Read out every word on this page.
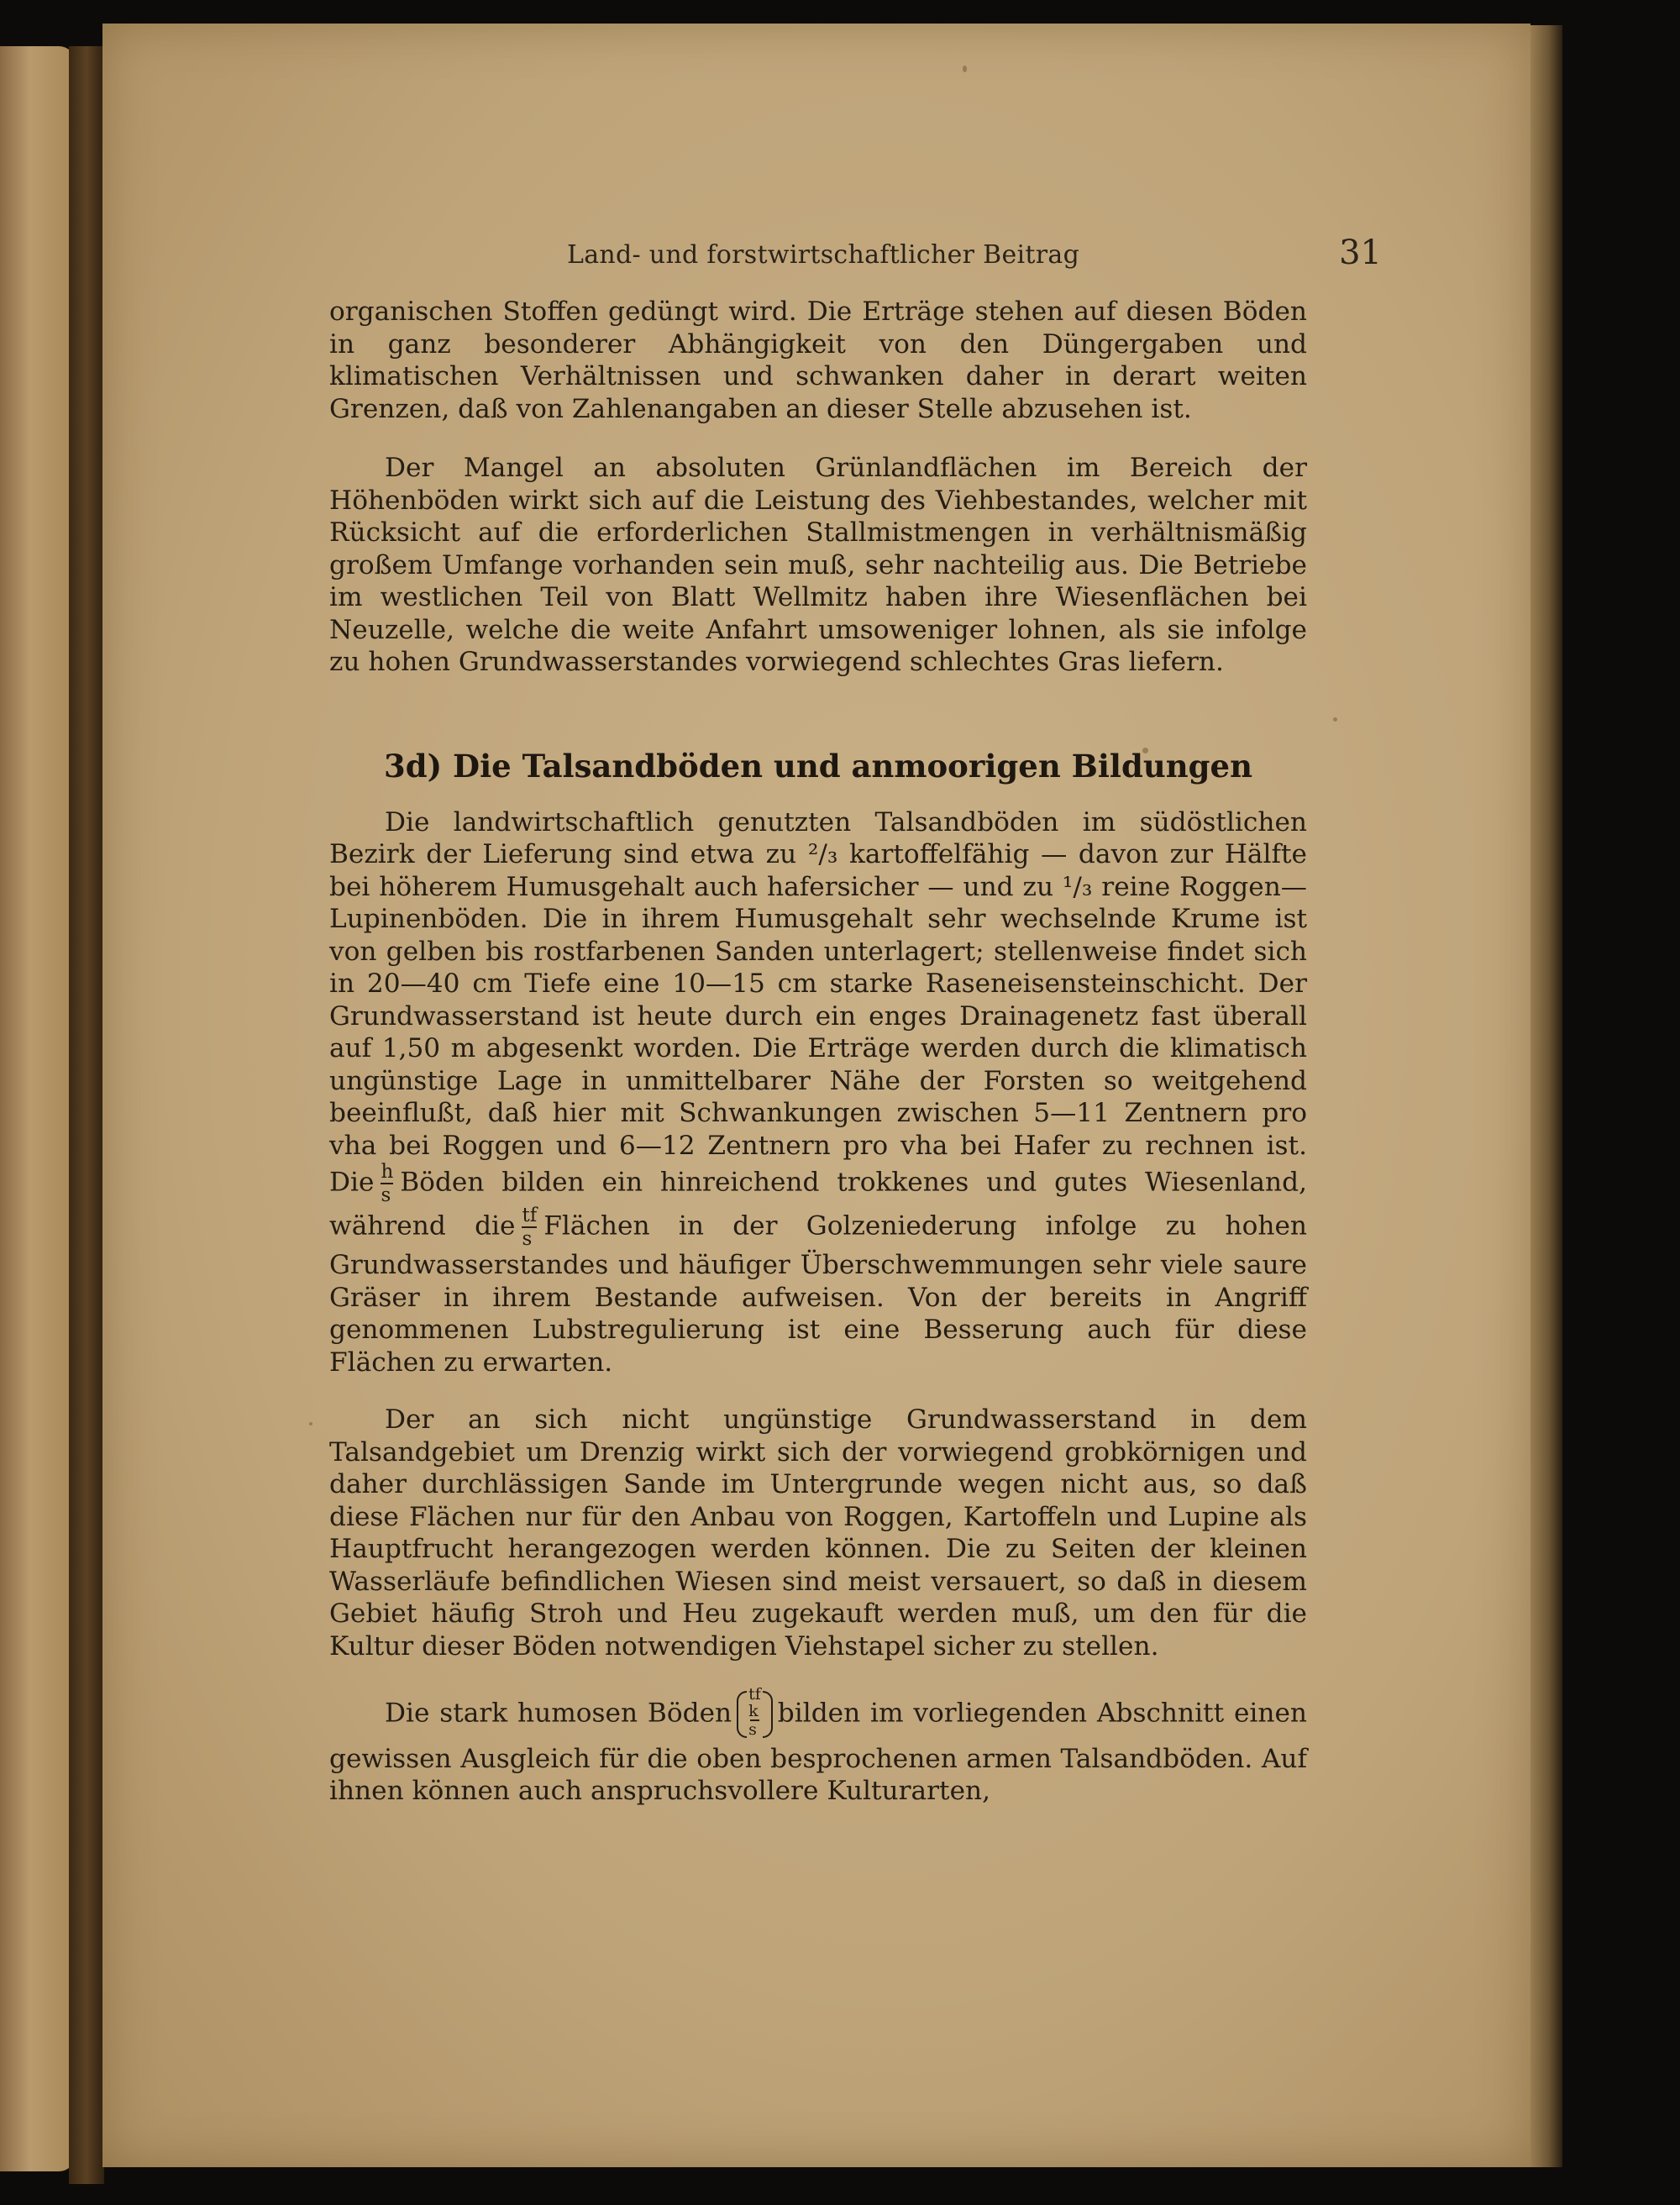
Land- und forstwirtschaftlicher Beitrag	31

organischen Stoffen gedüngt wird. Die Erträge stehen auf diesen Böden in ganz besonderer Abhängigkeit von den Düngergaben und klimatischen Verhältnissen und schwanken daher in derart weiten Grenzen, daß von Zahlenangaben an dieser Stelle abzusehen ist.

Der Mangel an absoluten Grünlandflächen im Bereich der Höhenböden wirkt sich auf die Leistung des Viehbestandes, welcher mit Rücksicht auf die erforderlichen Stallmistmengen in verhältnismäßig großem Umfange vorhanden sein muß, sehr nachteilig aus. Die Betriebe im westlichen Teil von Blatt Wellmitz haben ihre Wiesenflächen bei Neuzelle, welche die weite Anfahrt umsoweniger lohnen, als sie infolge zu hohen Grundwasserstandes vorwiegend schlechtes Gras liefern.

3d) Die Talsandböden und anmoorigen Bildungen

Die landwirtschaftlich genutzten Talsandböden im südöstlichen Bezirk der Lieferung sind etwa zu ²/₃ kartoffelfähig — davon zur Hälfte bei höherem Humusgehalt auch hafersicher — und zu ¹/₃ reine Roggen—Lupinenböden. Die in ihrem Humusgehalt sehr wechselnde Krume ist von gelben bis rostfarbenen Sanden unterlagert; stellenweise findet sich in 20—40 cm Tiefe eine 10—15 cm starke Raseneisensteinschicht. Der Grundwasserstand ist heute durch ein enges Drainagenetz fast überall auf 1,50 m abgesenkt worden. Die Erträge werden durch die klimatisch ungünstige Lage in unmittelbarer Nähe der Forsten so weitgehend beeinflußt, daß hier mit Schwankungen zwischen 5—11 Zentnern pro vha bei Roggen und 6—12 Zentnern pro vha bei Hafer zu rechnen ist. Die $\frac{h}{s}$ Böden bilden ein hinreichend trokkenes und gutes Wiesenland, während die $\frac{tf}{s}$ Flächen in der Golzeniederung infolge zu hohen Grundwasserstandes und häufiger Überschwemmungen sehr viele saure Gräser in ihrem Bestande aufweisen. Von der bereits in Angriff genommenen Lubstregulierung ist eine Besserung auch für diese Flächen zu erwarten.

Der an sich nicht ungünstige Grundwasserstand in dem Talsandgebiet um Drenzig wirkt sich der vorwiegend grobkörnigen und daher durchlässigen Sande im Untergrunde wegen nicht aus, so daß diese Flächen nur für den Anbau von Roggen, Kartoffeln und Lupine als Hauptfrucht herangezogen werden können. Die zu Seiten der kleinen Wasserläufe befindlichen Wiesen sind meist versauert, so daß in diesem Gebiet häufig Stroh und Heu zugekauft werden muß, um den für die Kultur dieser Böden notwendigen Viehstapel sicher zu stellen.

Die stark humosen Böden
tf
k
s
bilden im vorliegenden Abschnitt einen gewissen Ausgleich für die oben besprochenen armen Talsandböden. Auf ihnen können auch anspruchsvollere Kulturarten,
